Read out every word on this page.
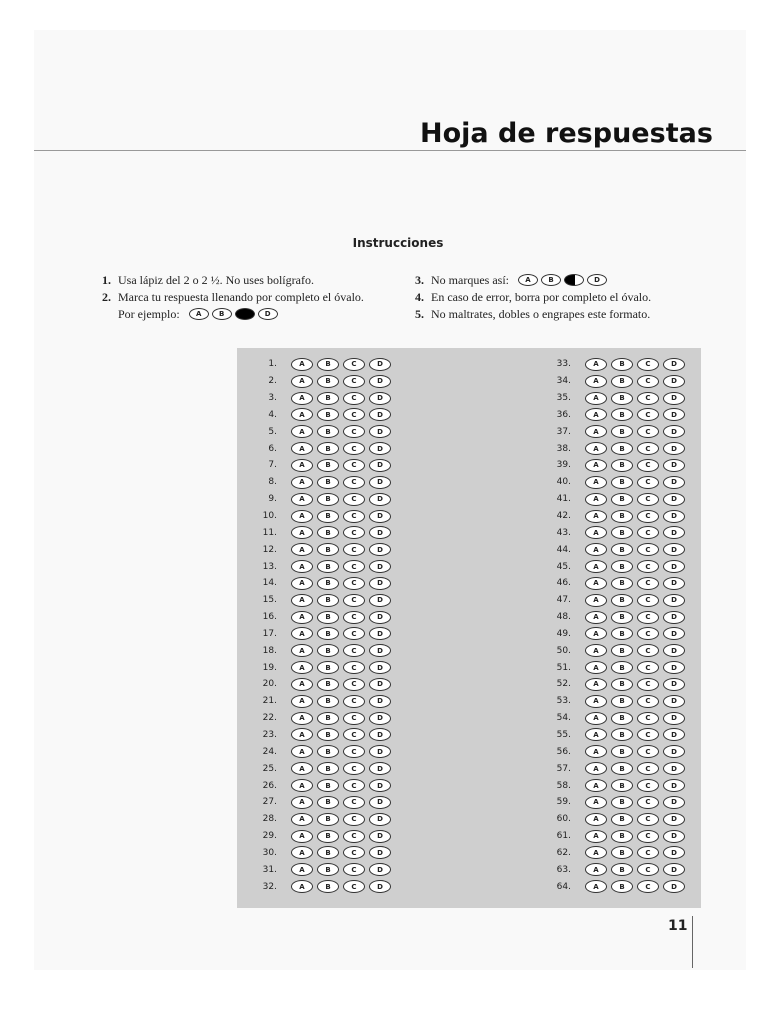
Hoja de respuestas
Instrucciones
1. Usa lápiz del 2 o 2 ½. No uses bolígrafo.
2. Marca tu respuesta llenando por completo el óvalo.
Por ejemplo:	A	B	D
3. No marques así:	A	B	D
4. En caso de error, borra por completo el óvalo.
5. No maltrates, dobles o engrapes este formato.
1.	A	B	C	D
2.	A	B	C	D
3.	A	B	C	D
4.	A	B	C	D
5.	A	B	C	D
6.	A	B	C	D
7.	A	B	C	D
8.	A	B	C	D
9.	A	B	C	D
10.	A	B	C	D
11.	A	B	C	D
12.	A	B	C	D
13.	A	B	C	D
14.	A	B	C	D
15.	A	B	C	D
16.	A	B	C	D
17.	A	B	C	D
18.	A	B	C	D
19.	A	B	C	D
20.	A	B	C	D
21.	A	B	C	D
22.	A	B	C	D
23.	A	B	C	D
24.	A	B	C	D
25.	A	B	C	D
26.	A	B	C	D
27.	A	B	C	D
28.	A	B	C	D
29.	A	B	C	D
30.	A	B	C	D
31.	A	B	C	D
32.	A	B	C	D
33.	A	B	C	D
34.	A	B	C	D
35.	A	B	C	D
36.	A	B	C	D
37.	A	B	C	D
38.	A	B	C	D
39.	A	B	C	D
40.	A	B	C	D
41.	A	B	C	D
42.	A	B	C	D
43.	A	B	C	D
44.	A	B	C	D
45.	A	B	C	D
46.	A	B	C	D
47.	A	B	C	D
48.	A	B	C	D
49.	A	B	C	D
50.	A	B	C	D
51.	A	B	C	D
52.	A	B	C	D
53.	A	B	C	D
54.	A	B	C	D
55.	A	B	C	D
56.	A	B	C	D
57.	A	B	C	D
58.	A	B	C	D
59.	A	B	C	D
60.	A	B	C	D
61.	A	B	C	D
62.	A	B	C	D
63.	A	B	C	D
64.	A	B	C	D
11
